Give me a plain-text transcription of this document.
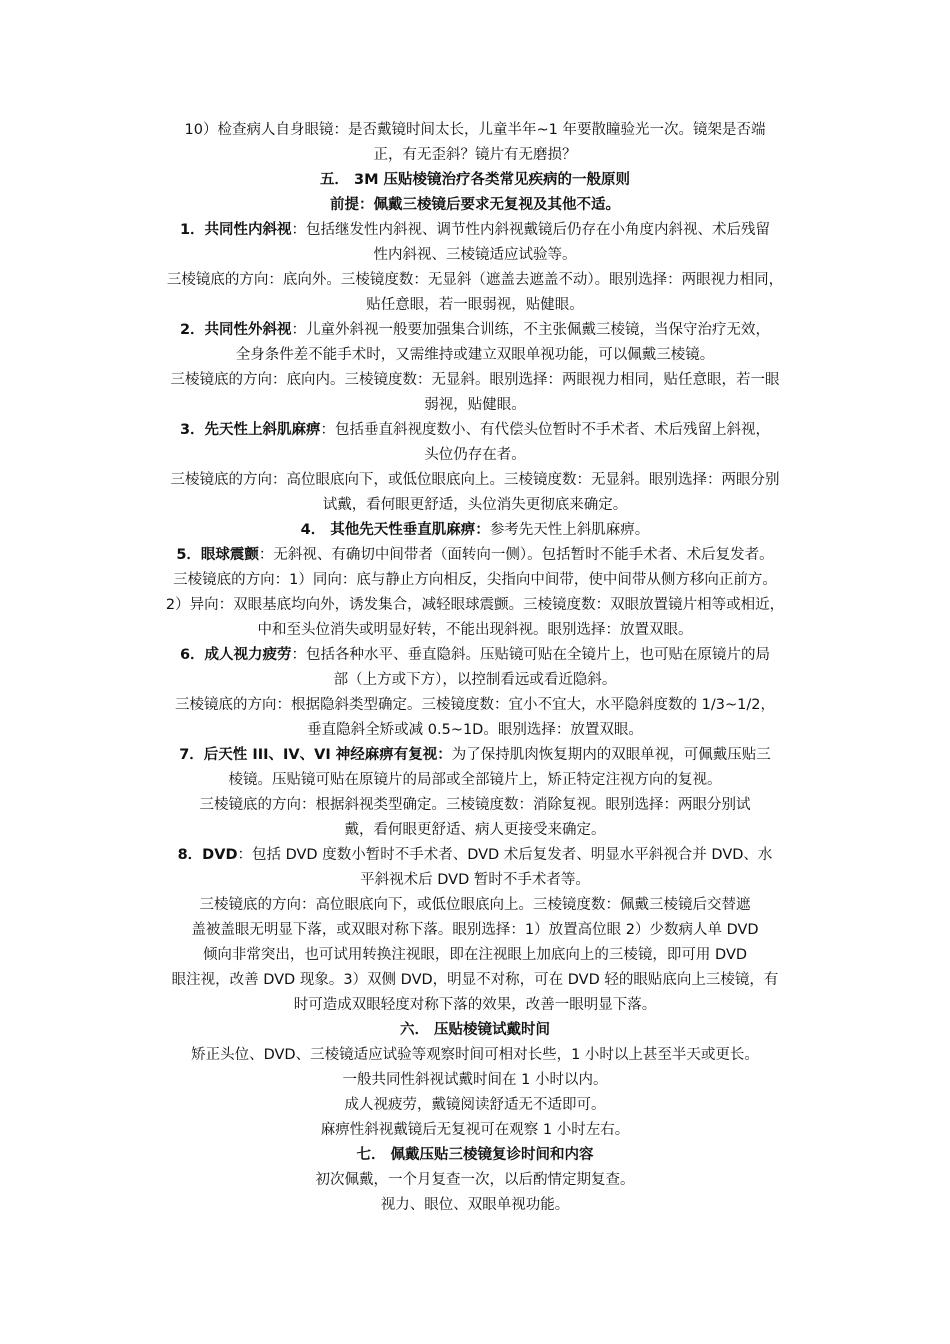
10）检查病人自身眼镜：是否戴镜时间太长，儿童半年~1 年要散瞳验光一次。镜架是否端
正，有无歪斜？镜片有无磨损？
五． 3M 压贴棱镜治疗各类常见疾病的一般原则
前提：佩戴三棱镜后要求无复视及其他不适。
1．共同性内斜视：包括继发性内斜视、调节性内斜视戴镜后仍存在小角度内斜视、术后残留
性内斜视、三棱镜适应试验等。
三棱镜底的方向：底向外。三棱镜度数：无显斜（遮盖去遮盖不动）。眼别选择：两眼视力相同，
贴任意眼，若一眼弱视，贴健眼。
2．共同性外斜视：儿童外斜视一般要加强集合训练，不主张佩戴三棱镜，当保守治疗无效，
全身条件差不能手术时，又需维持或建立双眼单视功能，可以佩戴三棱镜。
三棱镜底的方向：底向内。三棱镜度数：无显斜。眼别选择：两眼视力相同，贴任意眼，若一眼
弱视，贴健眼。
3．先天性上斜肌麻痹：包括垂直斜视度数小、有代偿头位暂时不手术者、术后残留上斜视，
头位仍存在者。
三棱镜底的方向：高位眼底向下，或低位眼底向上。三棱镜度数：无显斜。眼别选择：两眼分别
试戴，看何眼更舒适，头位消失更彻底来确定。
4． 其他先天性垂直肌麻痹：参考先天性上斜肌麻痹。
5．眼球震颤：无斜视、有确切中间带者（面转向一侧）。包括暂时不能手术者、术后复发者。
三棱镜底的方向：1）同向：底与静止方向相反，尖指向中间带，使中间带从侧方移向正前方。
2）异向：双眼基底均向外，诱发集合，减轻眼球震颤。三棱镜度数：双眼放置镜片相等或相近，
中和至头位消失或明显好转，不能出现斜视。眼别选择：放置双眼。
6．成人视力疲劳：包括各种水平、垂直隐斜。压贴镜可贴在全镜片上，也可贴在原镜片的局
部（上方或下方），以控制看远或看近隐斜。
三棱镜底的方向：根据隐斜类型确定。三棱镜度数：宜小不宜大，水平隐斜度数的 1/3~1/2，
垂直隐斜全矫或减 0.5~1D。眼别选择：放置双眼。
7．后天性 III、IV、VI 神经麻痹有复视：为了保持肌肉恢复期内的双眼单视，可佩戴压贴三
棱镜。压贴镜可贴在原镜片的局部或全部镜片上，矫正特定注视方向的复视。
三棱镜底的方向：根据斜视类型确定。三棱镜度数：消除复视。眼别选择：两眼分别试
戴，看何眼更舒适、病人更接受来确定。
8．DVD：包括 DVD 度数小暂时不手术者、DVD 术后复发者、明显水平斜视合并 DVD、水
平斜视术后 DVD 暂时不手术者等。
三棱镜底的方向：高位眼底向下，或低位眼底向上。三棱镜度数：佩戴三棱镜后交替遮
盖被盖眼无明显下落，或双眼对称下落。眼别选择：1）放置高位眼 2）少数病人单 DVD
倾向非常突出，也可试用转换注视眼，即在注视眼上加底向上的三棱镜，即可用 DVD
眼注视，改善 DVD 现象。3）双侧 DVD，明显不对称，可在 DVD 轻的眼贴底向上三棱镜，有
时可造成双眼轻度对称下落的效果，改善一眼明显下落。
六． 压贴棱镜试戴时间
矫正头位、DVD、三棱镜适应试验等观察时间可相对长些，1 小时以上甚至半天或更长。
一般共同性斜视试戴时间在 1 小时以内。
成人视疲劳，戴镜阅读舒适无不适即可。
麻痹性斜视戴镜后无复视可在观察 1 小时左右。
七． 佩戴压贴三棱镜复诊时间和内容
初次佩戴，一个月复查一次，以后酌情定期复查。
视力、眼位、双眼单视功能。
